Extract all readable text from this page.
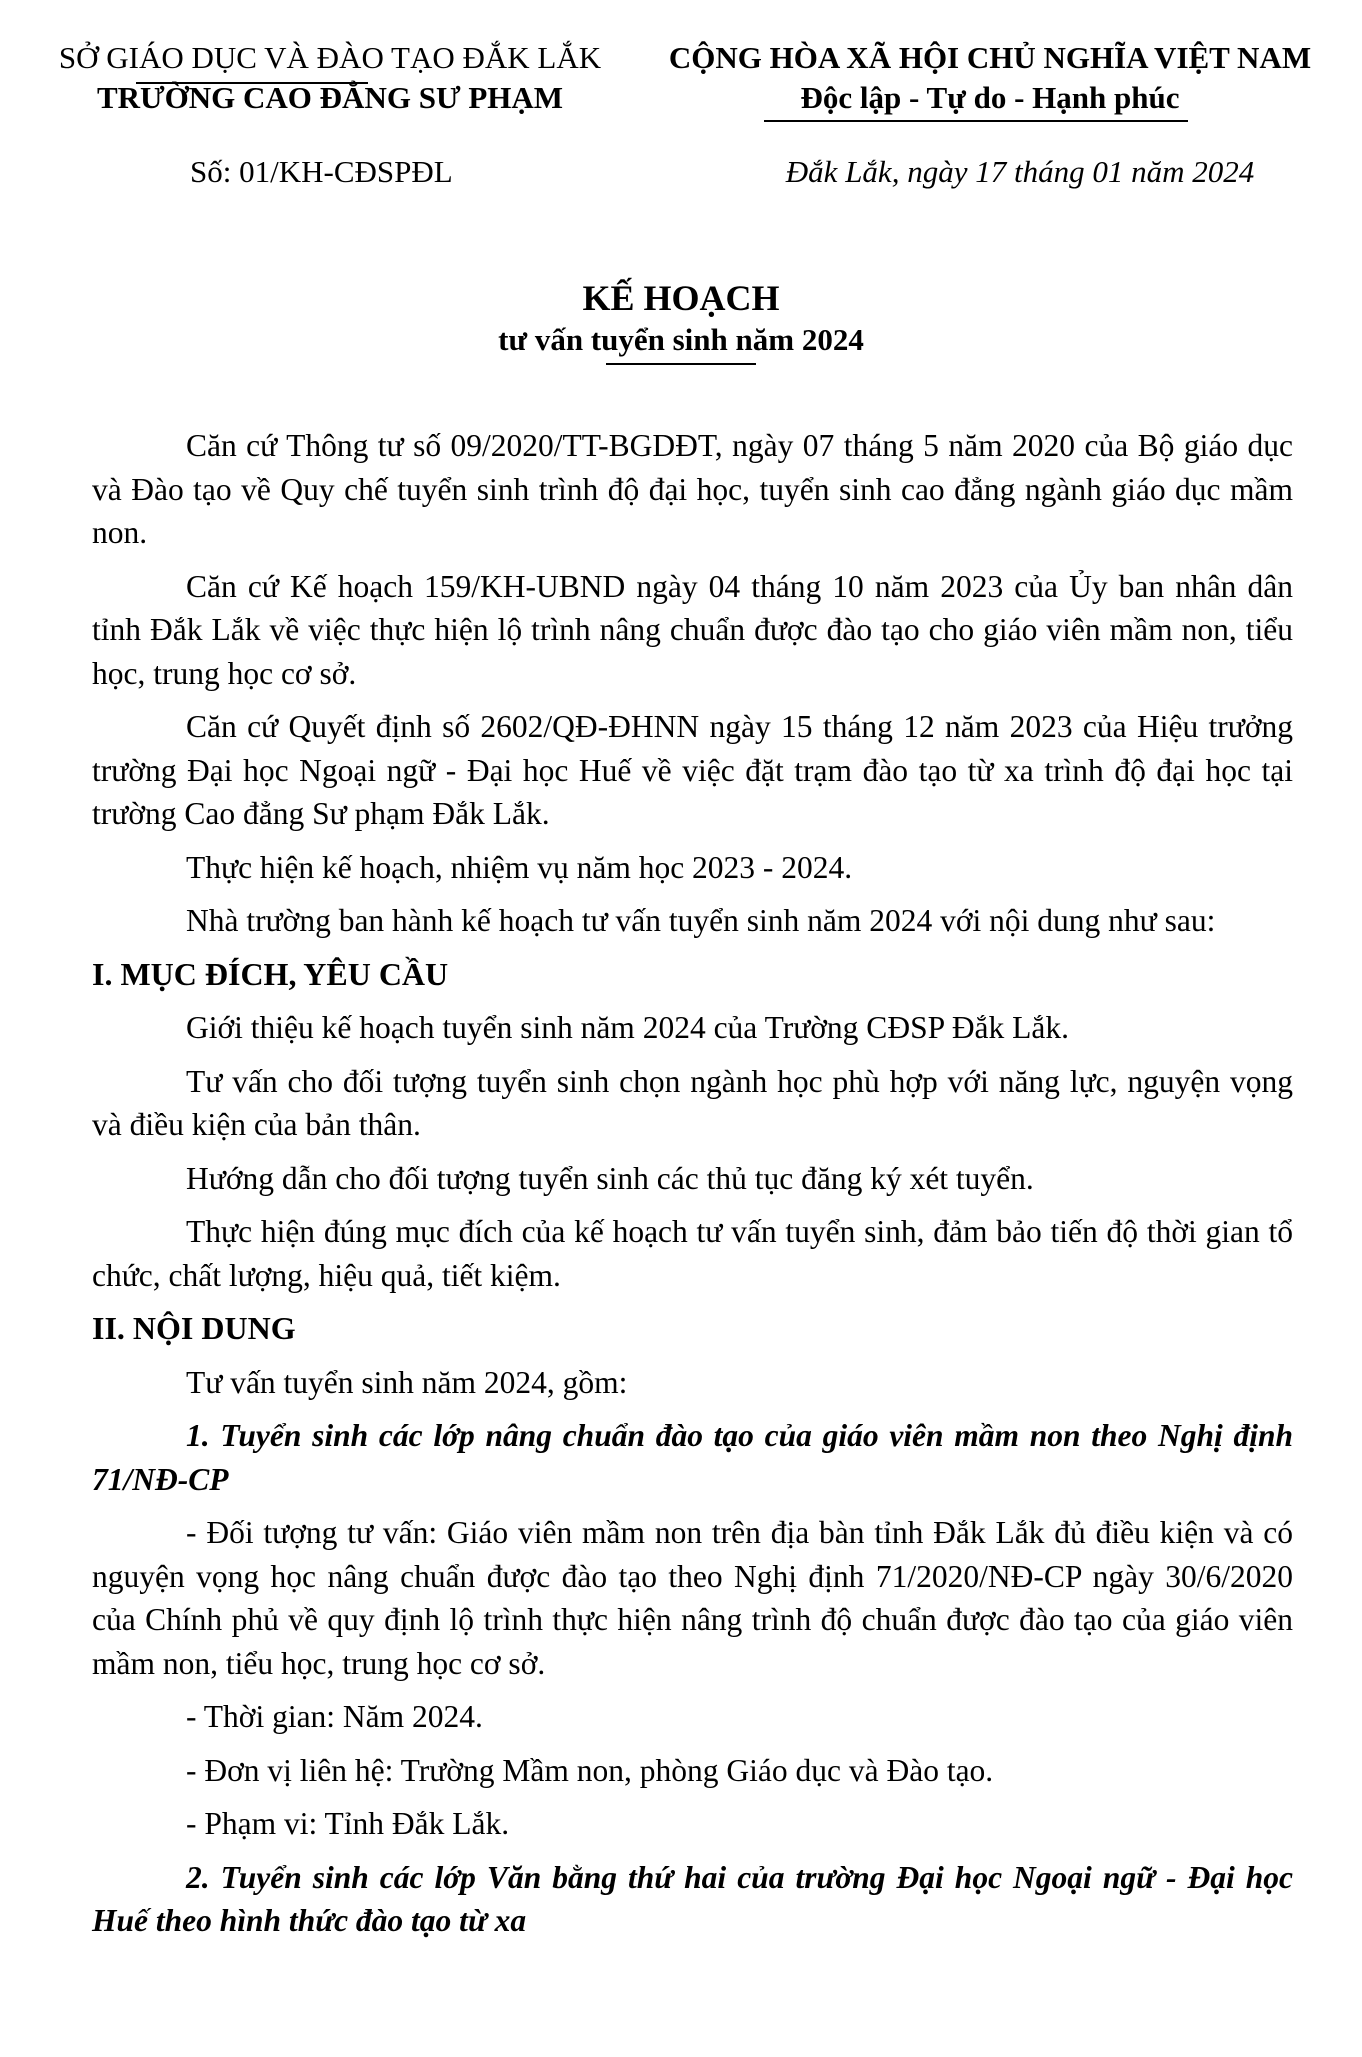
SỞ GIÁO DỤC VÀ ĐÀO TẠO ĐẮK LẮK
TRƯỜNG CAO ĐẲNG SƯ PHẠM
CỘNG HÒA XÃ HỘI CHỦ NGHĨA VIỆT NAM
Độc lập - Tự do - Hạnh phúc
Số: 01/KH-CĐSPĐL	Đắk Lắk, ngày 17 tháng 01 năm 2024
KẾ HOẠCH
tư vấn tuyển sinh năm 2024

Căn cứ Thông tư số 09/2020/TT-BGDĐT, ngày 07 tháng 5 năm 2020 của Bộ giáo dục và Đào tạo về Quy chế tuyển sinh trình độ đại học, tuyển sinh cao đẳng ngành giáo dục mầm non.

Căn cứ Kế hoạch 159/KH-UBND ngày 04 tháng 10 năm 2023 của Ủy ban nhân dân tỉnh Đắk Lắk về việc thực hiện lộ trình nâng chuẩn được đào tạo cho giáo viên mầm non, tiểu học, trung học cơ sở.

Căn cứ Quyết định số 2602/QĐ-ĐHNN ngày 15 tháng 12 năm 2023 của Hiệu trưởng trường Đại học Ngoại ngữ - Đại học Huế về việc đặt trạm đào tạo từ xa trình độ đại học tại trường Cao đẳng Sư phạm Đắk Lắk.

Thực hiện kế hoạch, nhiệm vụ năm học 2023 - 2024.

Nhà trường ban hành kế hoạch tư vấn tuyển sinh năm 2024 với nội dung như sau:

I. MỤC ĐÍCH, YÊU CẦU

Giới thiệu kế hoạch tuyển sinh năm 2024 của Trường CĐSP Đắk Lắk.

Tư vấn cho đối tượng tuyển sinh chọn ngành học phù hợp với năng lực, nguyện vọng và điều kiện của bản thân.

Hướng dẫn cho đối tượng tuyển sinh các thủ tục đăng ký xét tuyển.

Thực hiện đúng mục đích của kế hoạch tư vấn tuyển sinh, đảm bảo tiến độ thời gian tổ chức, chất lượng, hiệu quả, tiết kiệm.

II. NỘI DUNG

Tư vấn tuyển sinh năm 2024, gồm:

1. Tuyển sinh các lớp nâng chuẩn đào tạo của giáo viên mầm non theo Nghị định 71/NĐ-CP

- Đối tượng tư vấn: Giáo viên mầm non trên địa bàn tỉnh Đắk Lắk đủ điều kiện và có nguyện vọng học nâng chuẩn được đào tạo theo Nghị định 71/2020/NĐ-CP ngày 30/6/2020 của Chính phủ về quy định lộ trình thực hiện nâng trình độ chuẩn được đào tạo của giáo viên mầm non, tiểu học, trung học cơ sở.

- Thời gian: Năm 2024.

- Đơn vị liên hệ: Trường Mầm non, phòng Giáo dục và Đào tạo.

- Phạm vi: Tỉnh Đắk Lắk.

2. Tuyển sinh các lớp Văn bằng thứ hai của trường Đại học Ngoại ngữ - Đại học Huế theo hình thức đào tạo từ xa
